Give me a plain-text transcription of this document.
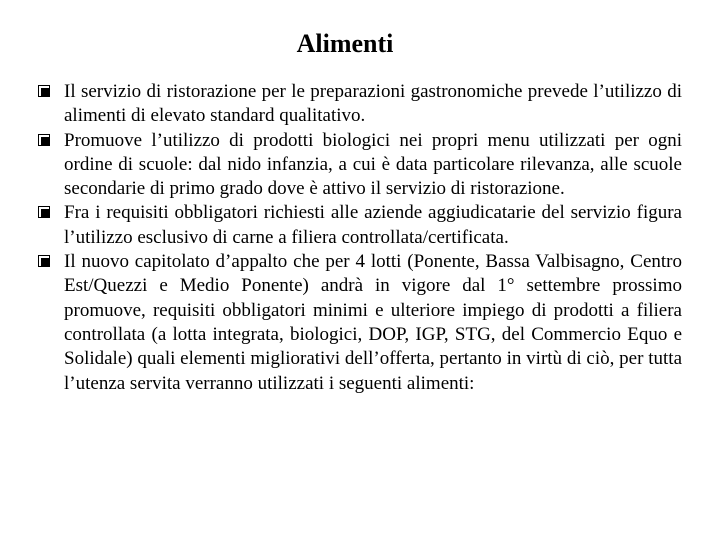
Alimenti
Il servizio di ristorazione per le preparazioni gastronomiche prevede l’utilizzo di alimenti di elevato standard qualitativo.
Promuove l’utilizzo di prodotti biologici nei propri menu utilizzati per ogni ordine di scuole: dal nido infanzia, a cui è data particolare rilevanza, alle scuole secondarie di primo grado dove è attivo il servizio di ristorazione.
Fra i requisiti obbligatori richiesti alle aziende aggiudicatarie del servizio figura l’utilizzo esclusivo di carne a filiera controllata/certificata.
Il nuovo capitolato d’appalto che per 4 lotti (Ponente, Bassa Valbisagno, Centro Est/Quezzi e Medio Ponente) andrà in vigore dal 1° settembre prossimo promuove, requisiti obbligatori minimi e ulteriore impiego di prodotti a filiera controllata (a lotta integrata, biologici, DOP, IGP, STG, del Commercio Equo e Solidale) quali elementi migliorativi dell’offerta, pertanto in virtù di ciò, per tutta l’utenza servita verranno utilizzati i seguenti alimenti:
